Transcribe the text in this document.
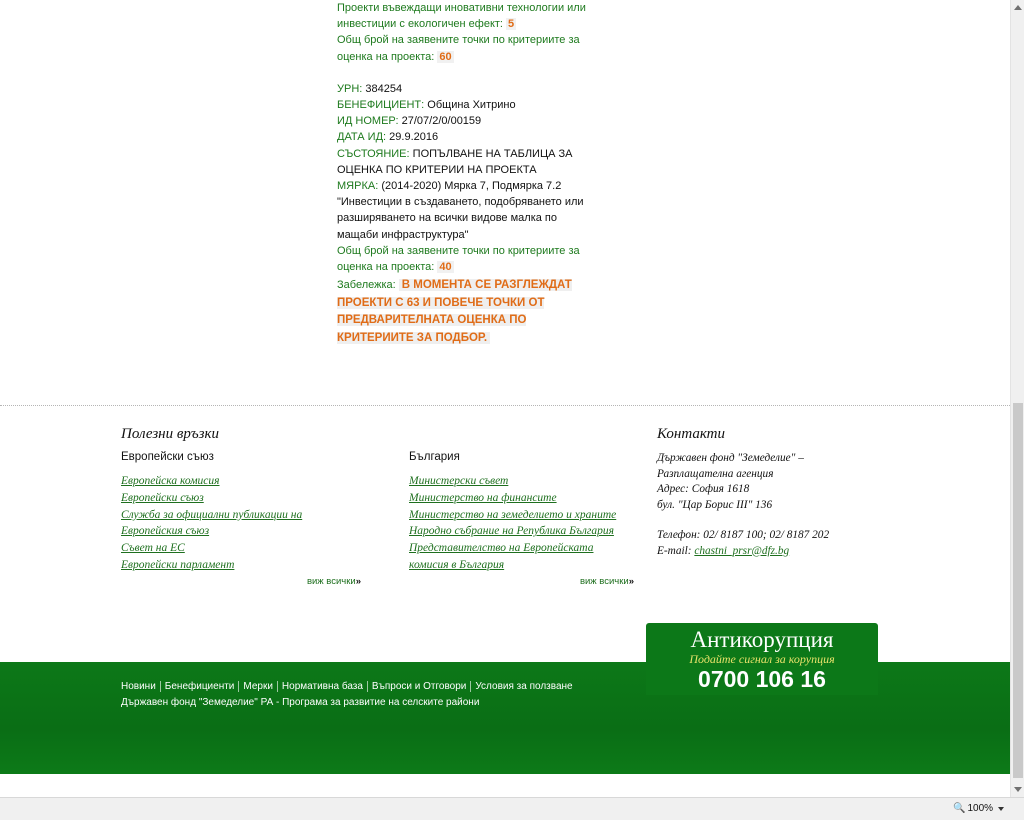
Проекти въвеждащи иновативни технологии или инвестиции с екологичен ефект: 5
Общ брой на заявените точки по критериите за оценка на проекта: 60
УРН: 384254
БЕНЕФИЦИЕНТ: Община Хитрино
ИД НОМЕР: 27/07/2/0/00159
ДАТА ИД: 29.9.2016
СЪСТОЯНИЕ: ПОПЪЛВАНЕ НА ТАБЛИЦА ЗА ОЦЕНКА ПО КРИТЕРИИ НА ПРОЕКТА
МЯРКА: (2014-2020) Мярка 7, Подмярка 7.2 "Инвестиции в създаването, подобряването или разширяването на всички видове малка по мащаби инфраструктура"
Общ брой на заявените точки по критериите за оценка на проекта: 40
Забележка: В МОМЕНТА СЕ РАЗГЛЕЖДАТ ПРОЕКТИ С 63 И ПОВЕЧЕ ТОЧКИ ОТ ПРЕДВАРИТЕЛНАТА ОЦЕНКА ПО КРИТЕРИИТЕ ЗА ПОДБОР.
Полезни връзки
Европейски съюз
Европейска комисия
Европейски съюз
Служба за официални публикации на Европейския съюз
Съвет на ЕС
Европейски парламент
виж всички»
България
Министерски съвет
Министерство на финансите
Министерство на земеделието и храните
Народно събрание на Република България
Представителство на Европейската комисия в България
виж всички»
Контакти
Държавен фонд "Земеделие" – Разплащателна агенция
Адрес: София 1618
бул. "Цар Борис III" 136
Телефон: 02/ 8187 100; 02/ 8187 202
E-mail: chastni_prsr@dfz.bg
Новини Бенефициенти Мерки Нормативна база Въпроси и Отговори Условия за ползване
Държавен фонд "Земеделие" РА - Програма за развитие на селските райони
Антикорупция
Подайте сигнал за корупция
0700 106 16
🔍 100%
